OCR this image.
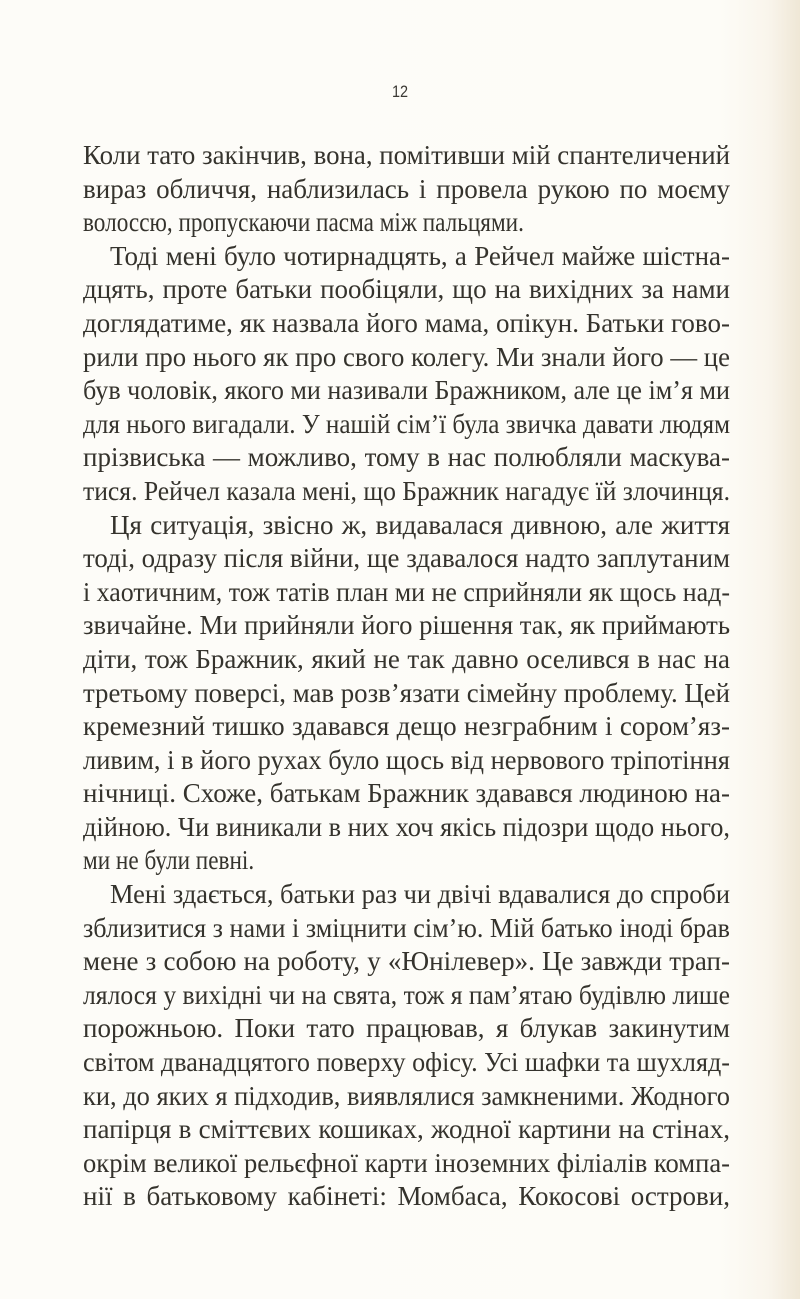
12
Коли тато закінчив, вона, помітивши мій спантеличений
вираз обличчя, наблизилась і провела рукою по моєму
волоссю, пропускаючи пасма між пальцями.
Тоді мені було чотирнадцять, а Рейчел майже шістна-
дцять, проте батьки пообіцяли, що на вихідних за нами
доглядатиме, як назвала його мама, опікун. Батьки гово-
рили про нього як про свого колегу. Ми знали його — це
був чоловік, якого ми називали Бражником, але це ім’я ми
для нього вигадали. У нашій сім’ї була звичка давати людям
прізвиська — можливо, тому в нас полюбляли маскува-
тися. Рейчел казала мені, що Бражник нагадує їй злочинця.
Ця ситуація, звісно ж, видавалася дивною, але життя
тоді, одразу після війни, ще здавалося надто заплутаним
і хаотичним, тож татів план ми не сприйняли як щось над-
звичайне. Ми прийняли його рішення так, як приймають
діти, тож Бражник, який не так давно оселився в нас на
третьому поверсі, мав розв’язати сімейну проблему. Цей
кремезний тишко здавався дещо незграбним і сором’яз-
ливим, і в його рухах було щось від нервового тріпотіння
нічниці. Схоже, батькам Бражник здавався людиною на-
дійною. Чи виникали в них хоч якісь підозри щодо нього,
ми не були певні.
Мені здається, батьки раз чи двічі вдавалися до спроби
зблизитися з нами і зміцнити сім’ю. Мій батько іноді брав
мене з собою на роботу, у «Юнілевер». Це завжди трап-
лялося у вихідні чи на свята, тож я пам’ятаю будівлю лише
порожньою. Поки тато працював, я блукав закинутим
світом дванадцятого поверху офісу. Усі шафки та шухляд-
ки, до яких я підходив, виявлялися замкненими. Жодного
папірця в сміттєвих кошиках, жодної картини на стінах,
окрім великої рельєфної карти іноземних філіалів компа-
нії в батьковому кабінеті: Момбаса, Кокосові острови,
